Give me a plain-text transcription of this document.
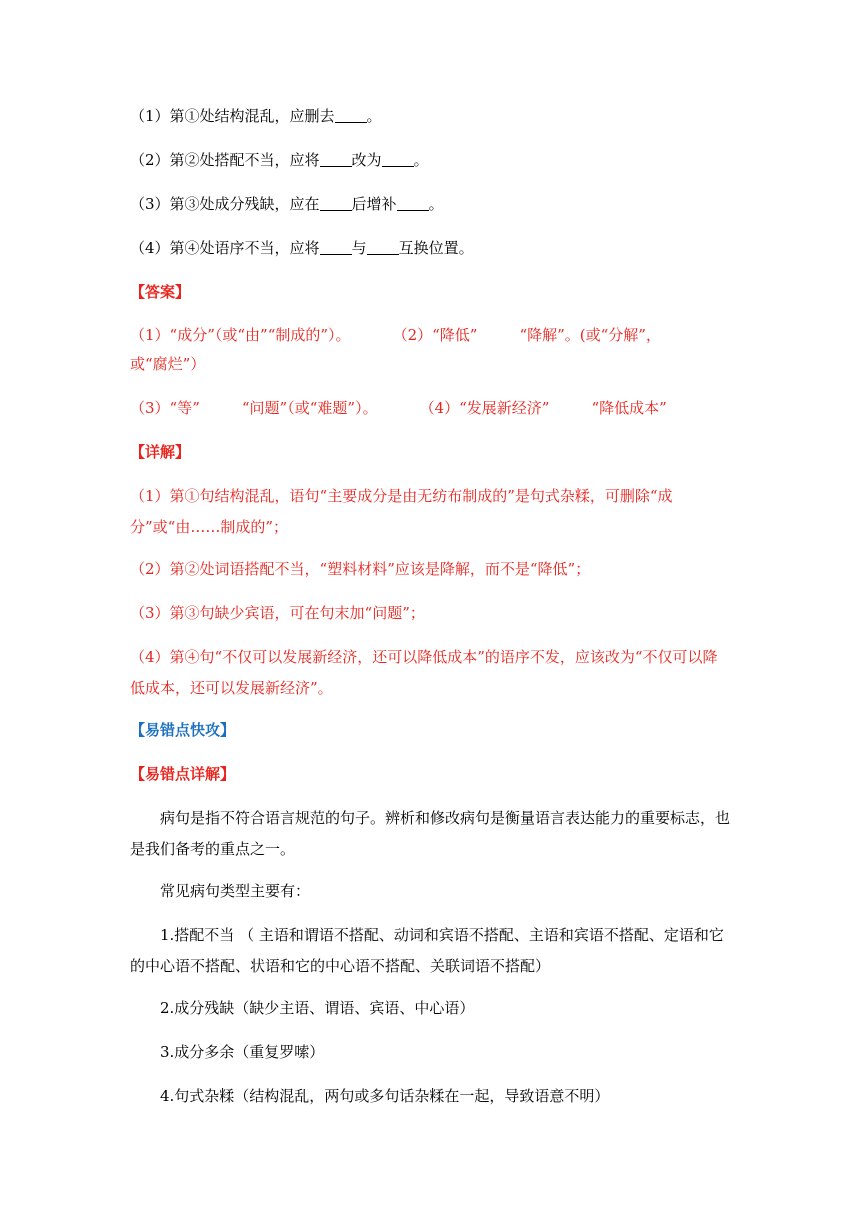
（1）第①处结构混乱，应删去 。
（2）第②处搭配不当，应将 改为 。
（3）第③处成分残缺，应在 后增补 。
（4）第④处语序不当，应将 与 互换位置。
【答案】
（1）“成分”（或“由”“制成的”）。	（2）“降低”	“降解”。(或“分解”，
或“腐烂”）
（3）“等”	“问题”（或“难题”）。	（4）“发展新经济”	“降低成本”
【详解】
（1）第①句结构混乱，语句“主要成分是由无纺布制成的”是句式杂糅，可删除“成分”或“由……制成的”；
（2）第②处词语搭配不当，“塑料材料”应该是降解，而不是“降低”；
（3）第③句缺少宾语，可在句末加“问题”；
（4）第④句“不仅可以发展新经济，还可以降低成本”的语序不发，应该改为“不仅可以降低成本，还可以发展新经济”。
【易错点快攻】
【易错点详解】
病句是指不符合语言规范的句子。辨析和修改病句是衡量语言表达能力的重要标志，也是我们备考的重点之一。
常见病句类型主要有：
1.搭配不当 （ 主语和谓语不搭配、动词和宾语不搭配、主语和宾语不搭配、定语和它的中心语不搭配、状语和它的中心语不搭配、关联词语不搭配）
2.成分残缺（缺少主语、谓语、宾语、中心语）
3.成分多余（重复罗嗦）
4.句式杂糅（结构混乱，两句或多句话杂糅在一起，导致语意不明）
